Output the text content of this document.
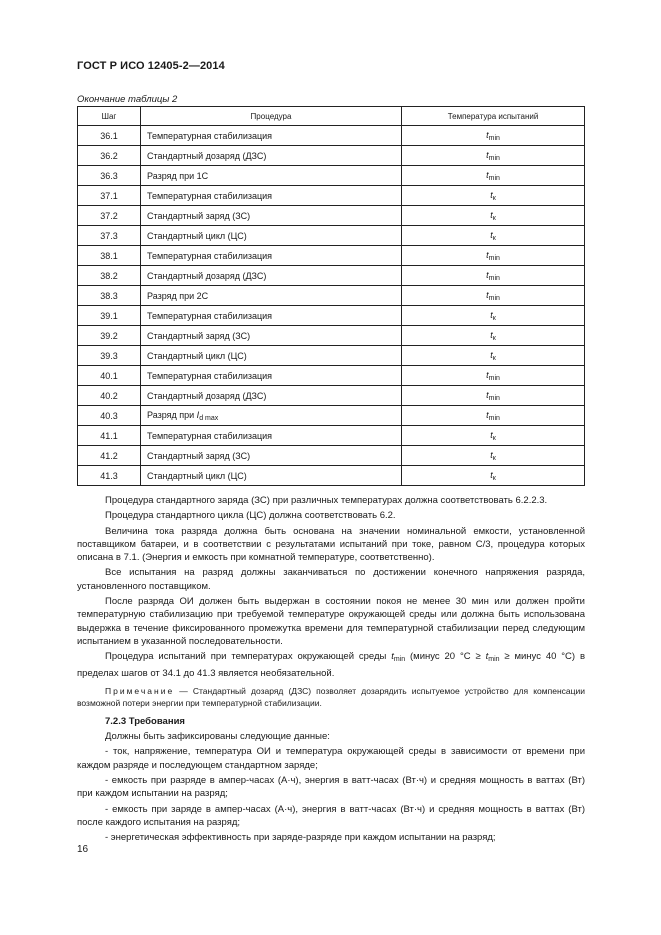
ГОСТ Р ИСО 12405-2—2014
Окончание таблицы 2
Шаг	Процедура	Температура испытаний
36.1	Температурная стабилизация	$t_{min}$
36.2	Стандартный дозаряд (ДЗС)	$t_{min}$
36.3	Разряд при 1С	$t_{min}$
37.1	Температурная стабилизация	$t_к$
37.2	Стандартный заряд (ЗС)	$t_к$
37.3	Стандартный цикл (ЦС)	$t_к$
38.1	Температурная стабилизация	$t_{min}$
38.2	Стандартный дозаряд (ДЗС)	$t_{min}$
38.3	Разряд при 2С	$t_{min}$
39.1	Температурная стабилизация	$t_к$
39.2	Стандартный заряд (ЗС)	$t_к$
39.3	Стандартный цикл (ЦС)	$t_к$
40.1	Температурная стабилизация	$t_{min}$
40.2	Стандартный дозаряд (ДЗС)	$t_{min}$
40.3	Разряд при $I_{d max}$	$t_{min}$
41.1	Температурная стабилизация	$t_к$
41.2	Стандартный заряд (ЗС)	$t_к$
41.3	Стандартный цикл (ЦС)	$t_к$

Процедура стандартного заряда (ЗС) при различных температурах должна соответствовать 6.2.2.3.

Процедура стандартного цикла (ЦС) должна соответствовать 6.2.

Величина тока разряда должна быть основана на значении номинальной емкости, установленной поставщиком батареи, и в соответствии с результатами испытаний при токе, равном С/3, процедура которых описана в 7.1. (Энергия и емкость при комнатной температуре, соответственно).

Все испытания на разряд должны заканчиваться по достижении конечного напряжения разряда, установленного поставщиком.

После разряда ОИ должен быть выдержан в состоянии покоя не менее 30 мин или должен пройти температурную стабилизацию при требуемой температуре окружающей среды или должна быть использована выдержка в течение фиксированного промежутка времени для температурной стабилизации перед следующим испытанием в указанной последовательности.

Процедура испытаний при температурах окружающей среды $t_{min}$ (минус 20 $^\circ С \ge t_{min}$ ≥ минус 40 °С) в пределах шагов от 34.1 до 41.3 является необязательной.

Примечание — Стандартный дозаряд (ДЗС) позволяет дозарядить испытуемое устройство для компенсации возможной потери энергии при температурной стабилизации.

7.2.3 Требования

Должны быть зафиксированы следующие данные:

- ток, напряжение, температура ОИ и температура окружающей среды в зависимости от времени при каждом разряде и последующем стандартном заряде;

- емкость при разряде в ампер-часах (А·ч), энергия в ватт-часах (Вт·ч) и средняя мощность в ваттах (Вт) при каждом испытании на разряд;

- емкость при заряде в ампер-часах (А·ч), энергия в ватт-часах (Вт·ч) и средняя мощность в ваттах (Вт) после каждого испытания на разряд;

- энергетическая эффективность при заряде-разряде при каждом испытании на разряд;

16
